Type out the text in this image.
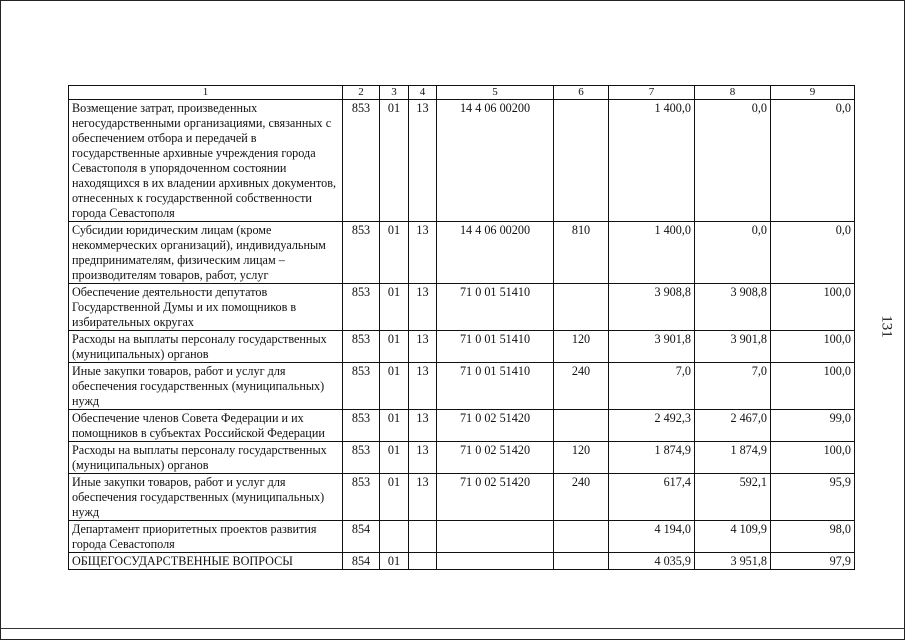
131
1	2	3	4	5	6	7	8	9
Возмещение затрат, произведенных негосударственными организациями, связанных с обеспечением отбора и передачей в государственные архивные учреждения города Севастополя в упорядоченном состоянии находящихся в их владении архивных документов, отнесенных к государственной собственности города Севастополя	853	01	13	14 4 06 00200		1 400,0	0,0	0,0
Субсидии юридическим лицам (кроме некоммерческих организаций), индивидуальным предпринимателям, физическим лицам – производителям товаров, работ, услуг	853	01	13	14 4 06 00200	810	1 400,0	0,0	0,0
Обеспечение деятельности депутатов Государственной Думы и их помощников в избирательных округах	853	01	13	71 0 01 51410		3 908,8	3 908,8	100,0
Расходы на выплаты персоналу государственных (муниципальных) органов	853	01	13	71 0 01 51410	120	3 901,8	3 901,8	100,0
Иные закупки товаров, работ и услуг для обеспечения государственных (муниципальных) нужд	853	01	13	71 0 01 51410	240	7,0	7,0	100,0
Обеспечение членов Совета Федерации и их помощников в субъектах Российской Федерации	853	01	13	71 0 02 51420		2 492,3	2 467,0	99,0
Расходы на выплаты персоналу государственных (муниципальных) органов	853	01	13	71 0 02 51420	120	1 874,9	1 874,9	100,0
Иные закупки товаров, работ и услуг для обеспечения государственных (муниципальных) нужд	853	01	13	71 0 02 51420	240	617,4	592,1	95,9
Департамент приоритетных проектов развития города Севастополя	854					4 194,0	4 109,9	98,0
ОБЩЕГОСУДАРСТВЕННЫЕ ВОПРОСЫ	854	01				4 035,9	3 951,8	97,9
